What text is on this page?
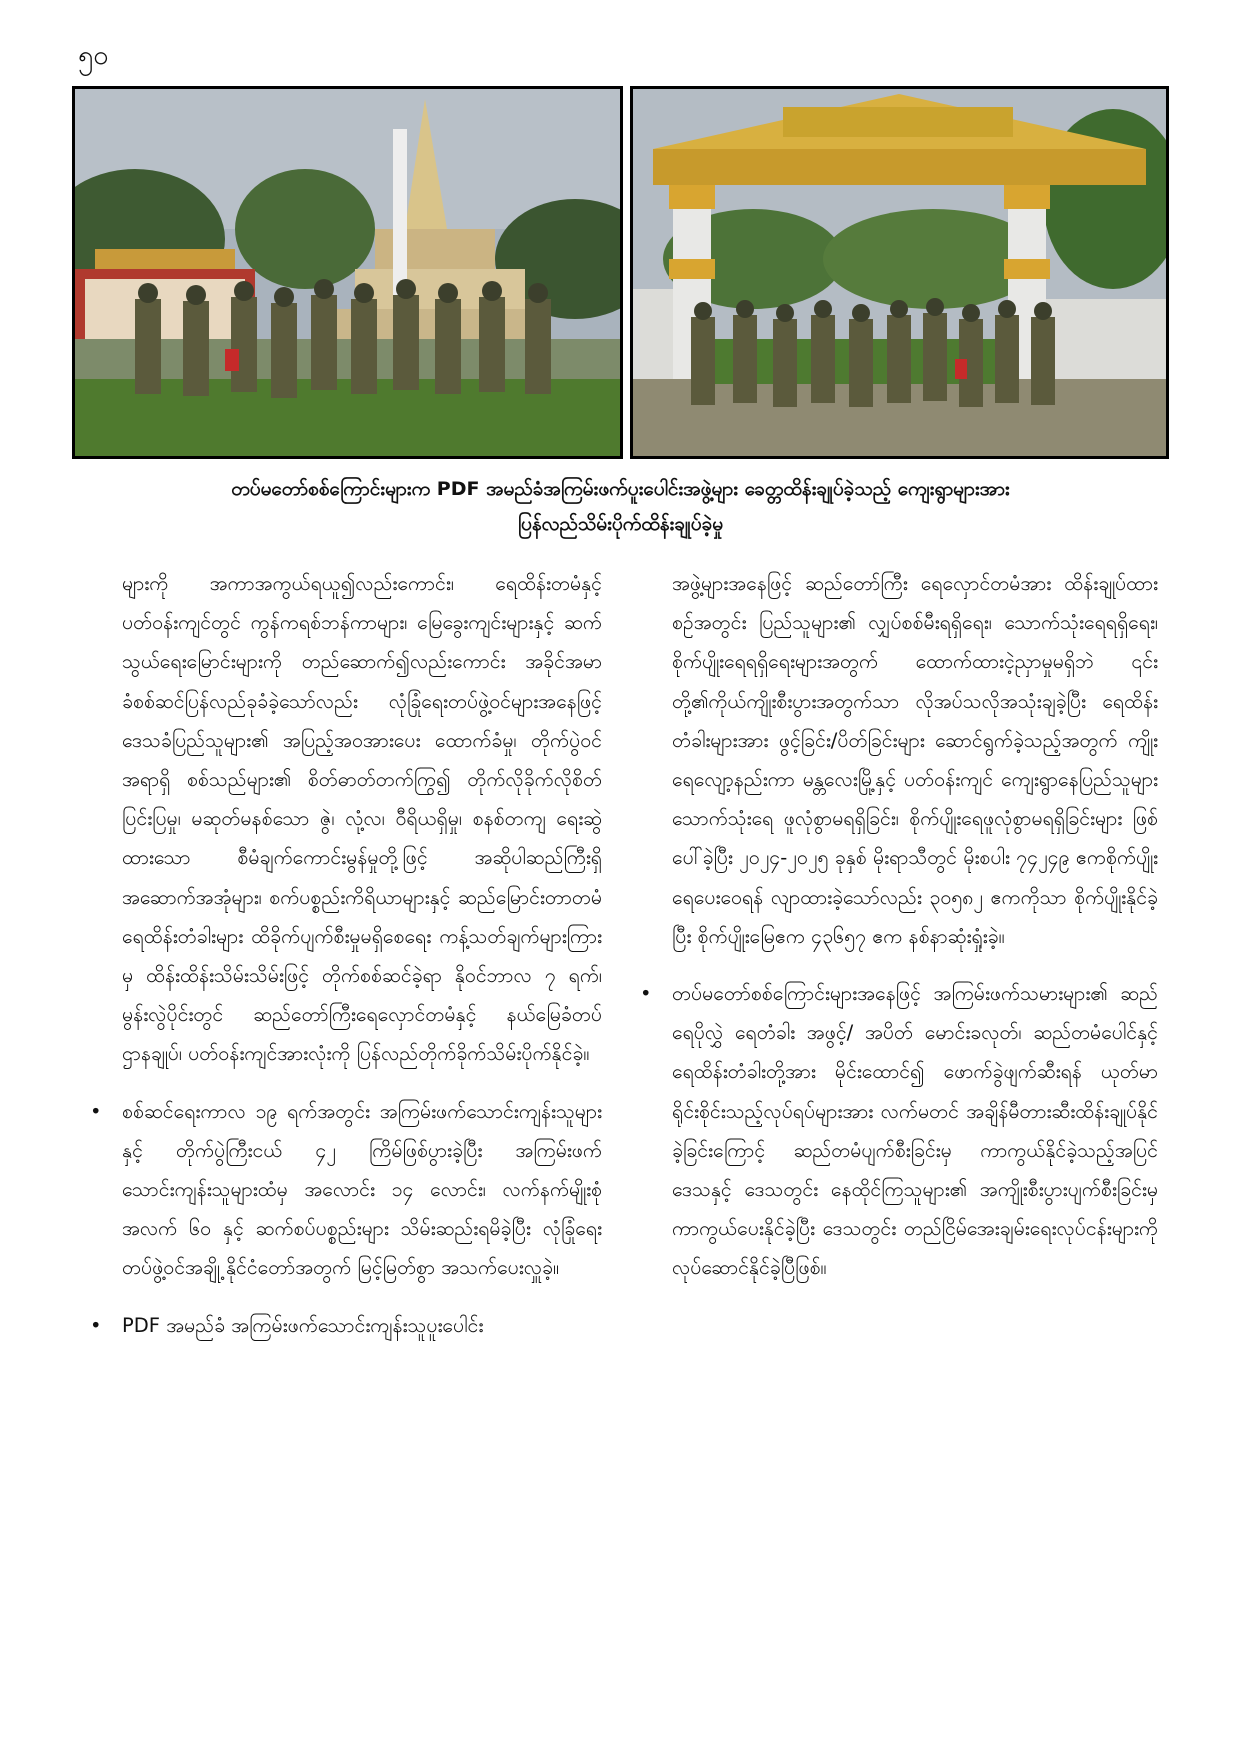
၅၀
တပ်မတော်စစ်ကြောင်းများက PDF အမည်ခံအကြမ်းဖက်ပူးပေါင်းအဖွဲ့များ ခေတ္တထိန်းချုပ်ခဲ့သည့် ကျေးရွာများအား
ပြန်လည်သိမ်းပိုက်ထိန်းချုပ်ခဲ့မှု

များကို အကာအကွယ်ရယူ၍လည်းကောင်း၊ ရေထိန်းတမံနှင့် ပတ်ဝန်းကျင်တွင် ကွန်ကရစ်ဘန်ကာများ၊ မြေခွေးကျင်းများနှင့် ဆက်သွယ်ရေးမြောင်းများကို တည်ဆောက်၍လည်းကောင်း အခိုင်အမာ ခံစစ်ဆင်ပြန်လည်ခုခံခဲ့သော်လည်း လုံခြုံရေးတပ်ဖွဲ့ဝင်များအနေဖြင့် ဒေသခံပြည်သူများ၏ အပြည့်အဝအားပေး ထောက်ခံမှု၊ တိုက်ပွဲဝင်အရာရှိ စစ်သည်များ၏ စိတ်ဓာတ်တက်ကြွ၍ တိုက်လိုခိုက်လိုစိတ် ပြင်းပြမှု၊ မဆုတ်မနစ်သော ဇွဲ၊ လုံ့လ၊ ဝီရိယရှိမှု၊ စနစ်တကျ ရေးဆွဲထားသော စီမံချက်ကောင်းမွန်မှုတို့ဖြင့် အဆိုပါဆည်ကြီးရှိ အဆောက်အအုံများ၊ စက်ပစ္စည်းကိရိယာများနှင့် ဆည်မြောင်းတာတမံရေထိန်းတံခါးများ ထိခိုက်ပျက်စီးမှုမရှိစေရေး ကန့်သတ်ချက်များကြားမှ ထိန်းထိန်းသိမ်းသိမ်းဖြင့် တိုက်စစ်ဆင်ခဲ့ရာ နိုဝင်ဘာလ ၇ ရက်၊ မွန်းလွဲပိုင်းတွင် ဆည်တော်ကြီးရေလှောင်တမံနှင့် နယ်မြေခံတပ်ဌာနချုပ်၊ ပတ်ဝန်းကျင်အားလုံးကို ပြန်လည်တိုက်ခိုက်သိမ်းပိုက်နိုင်ခဲ့။

• စစ်ဆင်ရေးကာလ ၁၉ ရက်အတွင်း အကြမ်းဖက်သောင်းကျန်းသူများနှင့် တိုက်ပွဲကြီးငယ် ၄၂ ကြိမ်ဖြစ်ပွားခဲ့ပြီး အကြမ်းဖက်သောင်းကျန်းသူများထံမှ အလောင်း ၁၄ လောင်း၊ လက်နက်မျိုးစုံ အလက် ၆၀ နှင့် ဆက်စပ်ပစ္စည်းများ သိမ်းဆည်းရမိခဲ့ပြီး လုံခြုံရေးတပ်ဖွဲ့ဝင်အချို့ နိုင်ငံတော်အတွက် မြင့်မြတ်စွာ အသက်ပေးလှူခဲ့။

• PDF အမည်ခံ အကြမ်းဖက်သောင်းကျန်းသူပူးပေါင်း

အဖွဲ့များအနေဖြင့် ဆည်တော်ကြီး ရေလှောင်တမံအား ထိန်းချုပ်ထားစဉ်အတွင်း ပြည်သူများ၏ လျှပ်စစ်မီးရရှိရေး၊ သောက်သုံးရေရရှိရေး၊ စိုက်ပျိုးရေရရှိရေးများအတွက် ထောက်ထားငဲ့ညှာမှုမရှိဘဲ ၎င်းတို့၏ကိုယ်ကျိုးစီးပွားအတွက်သာ လိုအပ်သလိုအသုံးချခဲ့ပြီး ရေထိန်းတံခါးများအား ဖွင့်ခြင်း/ပိတ်ခြင်းများ ဆောင်ရွက်ခဲ့သည့်အတွက် ကျိုးရေလျော့နည်းကာ မန္တလေးမြို့နှင့် ပတ်ဝန်းကျင် ကျေးရွာနေပြည်သူများ သောက်သုံးရေ ဖူလုံစွာမရရှိခြင်း၊ စိုက်ပျိုးရေဖူလုံစွာမရရှိခြင်းများ ဖြစ်ပေါ်ခဲ့ပြီး ၂၀၂၄-၂၀၂၅ ခုနှစ် မိုးရာသီတွင် မိုးစပါး ၇၄၂၄၉ ဧကစိုက်ပျိုးရေပေးဝေရန် လျာထားခဲ့သော်လည်း ၃၀၅၈၂ ဧကကိုသာ စိုက်ပျိုးနိုင်ခဲ့ပြီး စိုက်ပျိုးမြေဧက ၄၃၆၅၇ ဧက နစ်နာဆုံးရှုံးခဲ့။

• တပ်မတော်စစ်ကြောင်းများအနေဖြင့် အကြမ်းဖက်သမားများ၏ ဆည်ရေပိုလွှဲ ရေတံခါး အဖွင့်/ အပိတ် မောင်းခလုတ်၊ ဆည်တမံပေါင်နှင့် ရေထိန်းတံခါးတို့အား မိုင်းထောင်၍ ဖောက်ခွဲဖျက်ဆီးရန် ယုတ်မာရိုင်းစိုင်းသည့်လုပ်ရပ်များအား လက်မတင် အချိန်မီတားဆီးထိန်းချုပ်နိုင်ခဲ့ခြင်းကြောင့် ဆည်တမံပျက်စီးခြင်းမှ ကာကွယ်နိုင်ခဲ့သည့်အပြင် ဒေသနှင့် ဒေသတွင်း နေထိုင်ကြသူများ၏ အကျိုးစီးပွားပျက်စီးခြင်းမှ ကာကွယ်ပေးနိုင်ခဲ့ပြီး ဒေသတွင်း တည်ငြိမ်အေးချမ်းရေးလုပ်ငန်းများကို လုပ်ဆောင်နိုင်ခဲ့ပြီဖြစ်။
